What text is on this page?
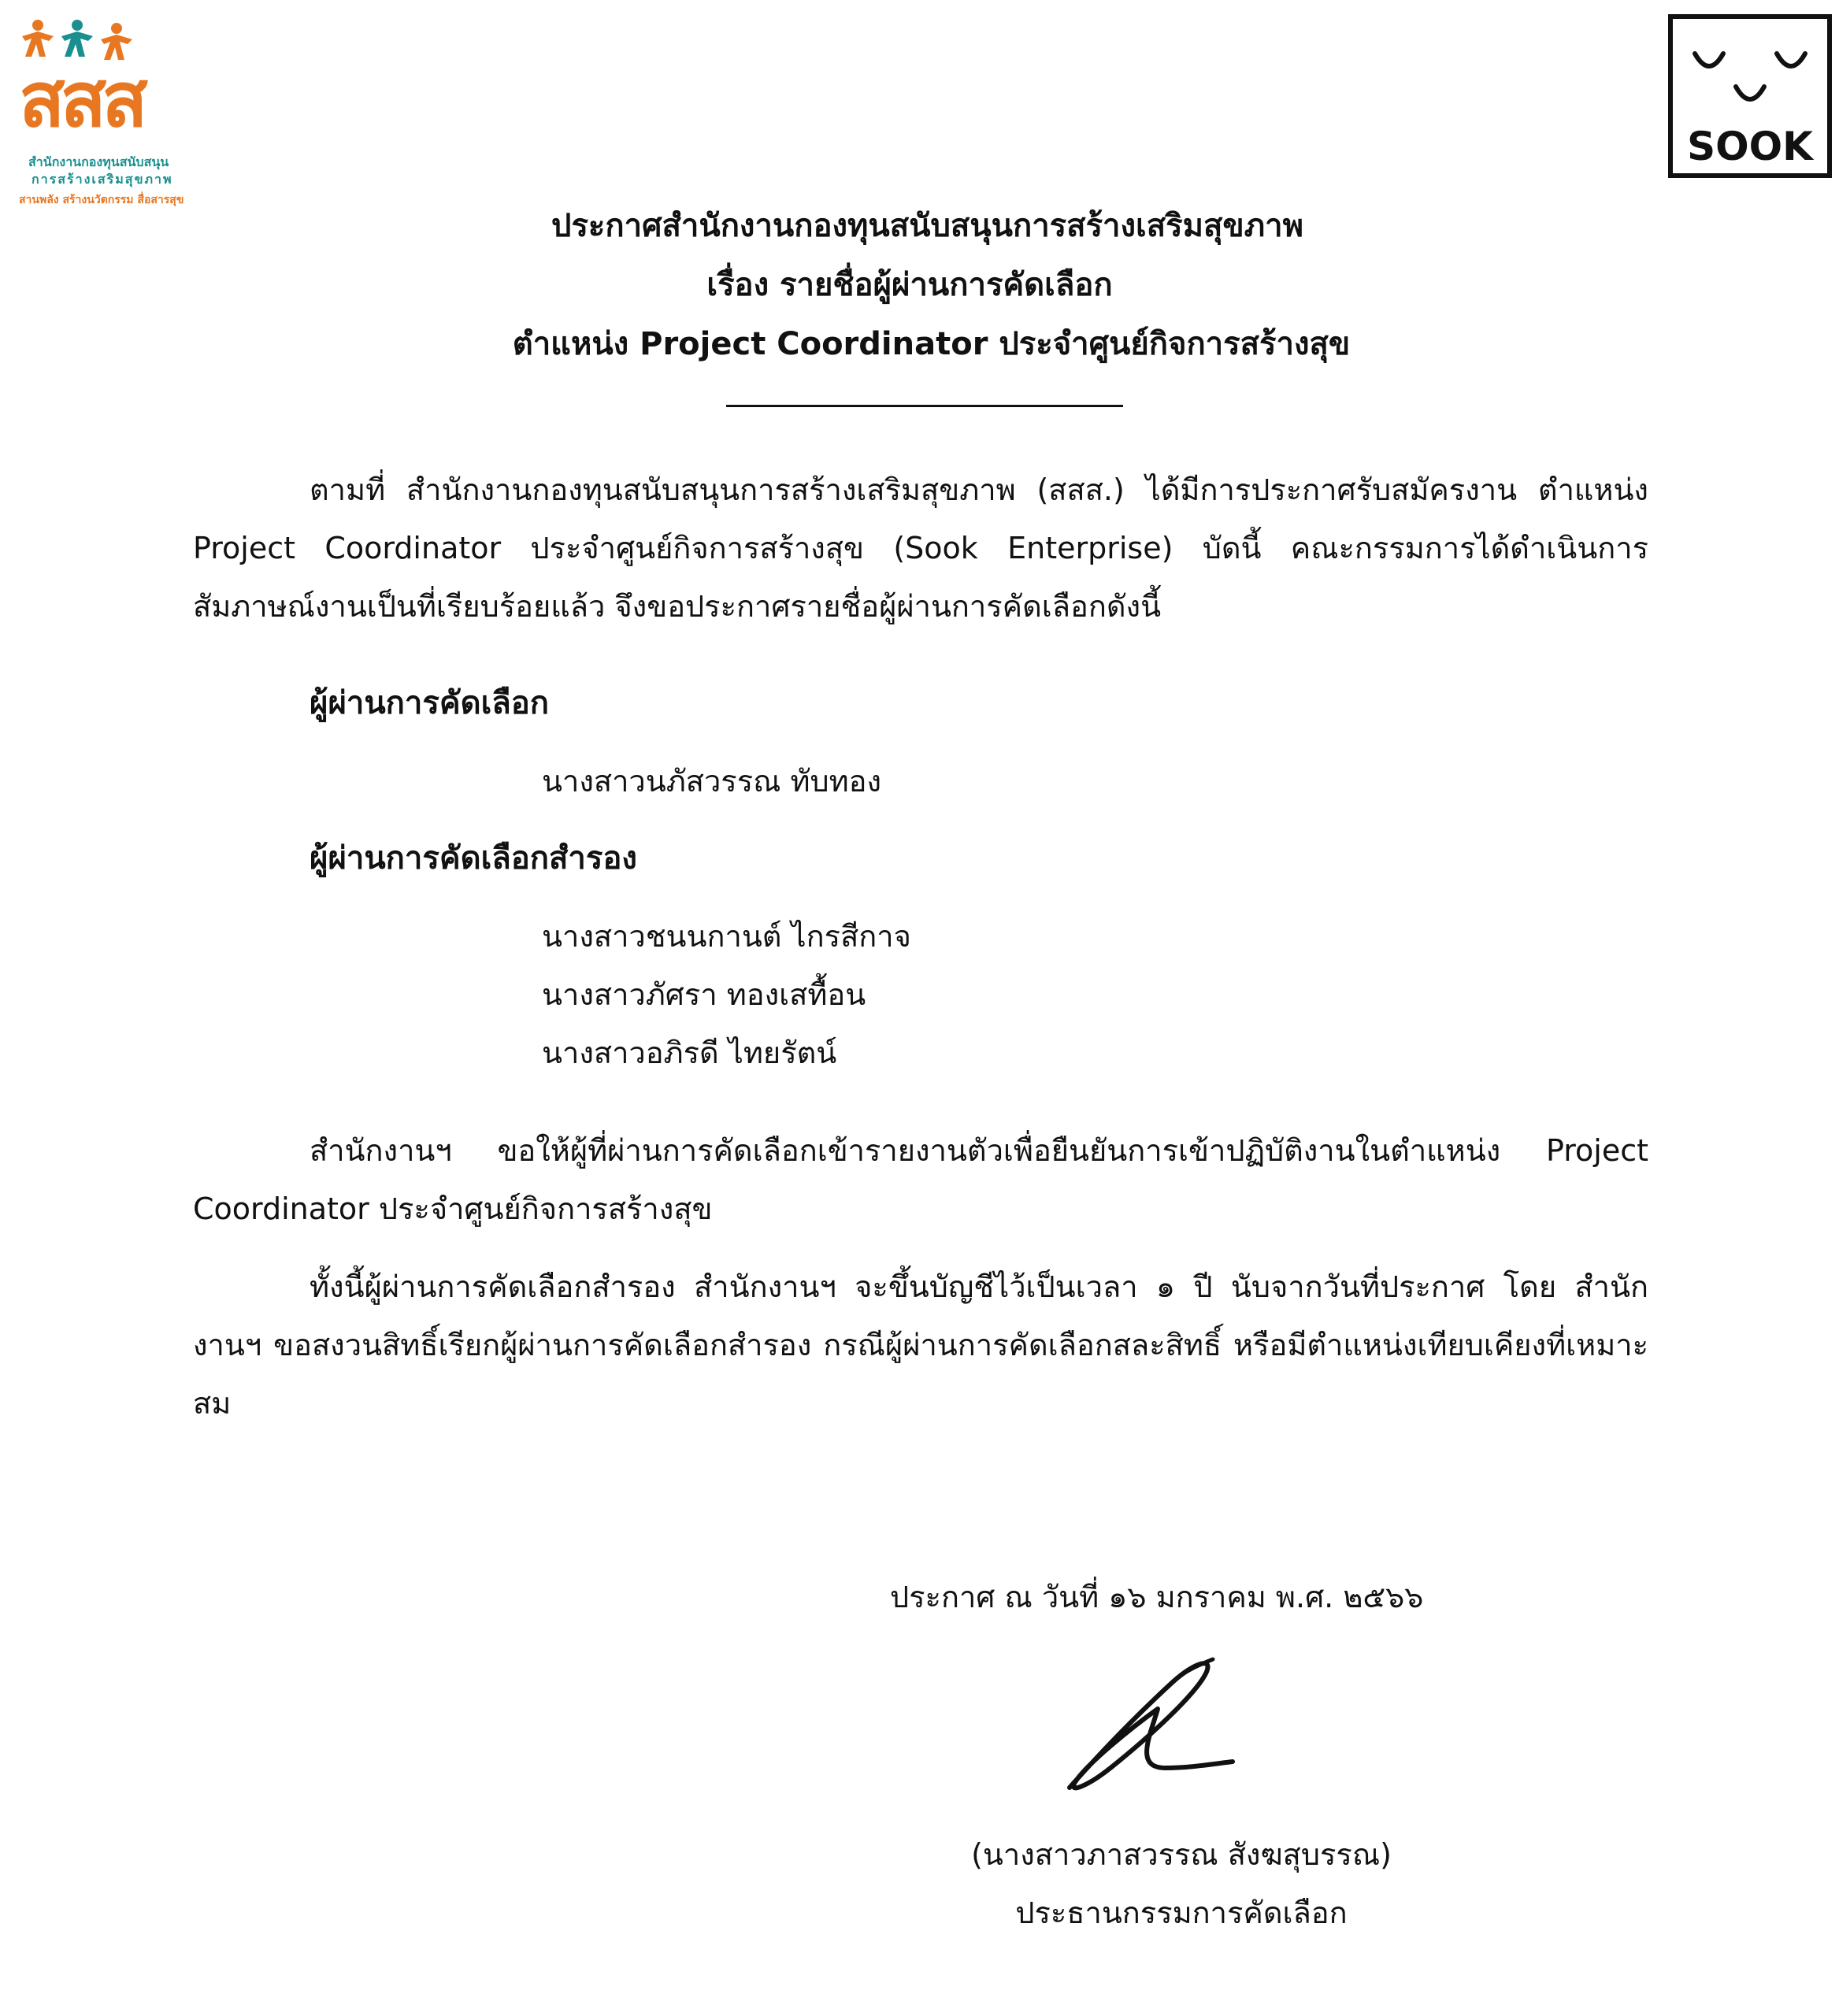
สสส
สำนักงานกองทุนสนับสนุน
การสร้างเสริมสุขภาพ
สานพลัง สร้างนวัตกรรม สื่อสารสุข
SOOK
ประกาศสำนักงานกองทุนสนับสนุนการสร้างเสริมสุขภาพ
เรื่อง รายชื่อผู้ผ่านการคัดเลือก
ตำแหน่ง Project Coordinator ประจำศูนย์กิจการสร้างสุข

ตามที่ สำนักงานกองทุนสนับสนุนการสร้างเสริมสุขภาพ (สสส.) ได้มีการประกาศรับสมัครงาน ตำแหน่ง Project Coordinator ประจำศูนย์กิจการสร้างสุข (Sook Enterprise) บัดนี้ คณะกรรมการได้ดำเนินการสัมภาษณ์งานเป็นที่เรียบร้อยแล้ว จึงขอประกาศรายชื่อผู้ผ่านการคัดเลือกดังนี้

ผู้ผ่านการคัดเลือก
นางสาวนภัสวรรณ ทับทอง
ผู้ผ่านการคัดเลือกสำรอง
นางสาวชนนกานต์ ไกรสีกาจ
นางสาวภัศรา ทองเสทื้อน
นางสาวอภิรดี ไทยรัตน์

สำนักงานฯ ขอให้ผู้ที่ผ่านการคัดเลือกเข้ารายงานตัวเพื่อยืนยันการเข้าปฏิบัติงานในตำแหน่ง Project Coordinator ประจำศูนย์กิจการสร้างสุข

ทั้งนี้ผู้ผ่านการคัดเลือกสำรอง สำนักงานฯ จะขึ้นบัญชีไว้เป็นเวลา ๑ ปี นับจากวันที่ประกาศ โดย สำนักงานฯ ขอสงวนสิทธิ์เรียกผู้ผ่านการคัดเลือกสำรอง กรณีผู้ผ่านการคัดเลือกสละสิทธิ์ หรือมีตำแหน่งเทียบเคียงที่เหมาะสม

ประกาศ ณ วันที่ ๑๖ มกราคม พ.ศ. ๒๕๖๖
(นางสาวภาสวรรณ สังฆสุบรรณ)
ประธานกรรมการคัดเลือก
